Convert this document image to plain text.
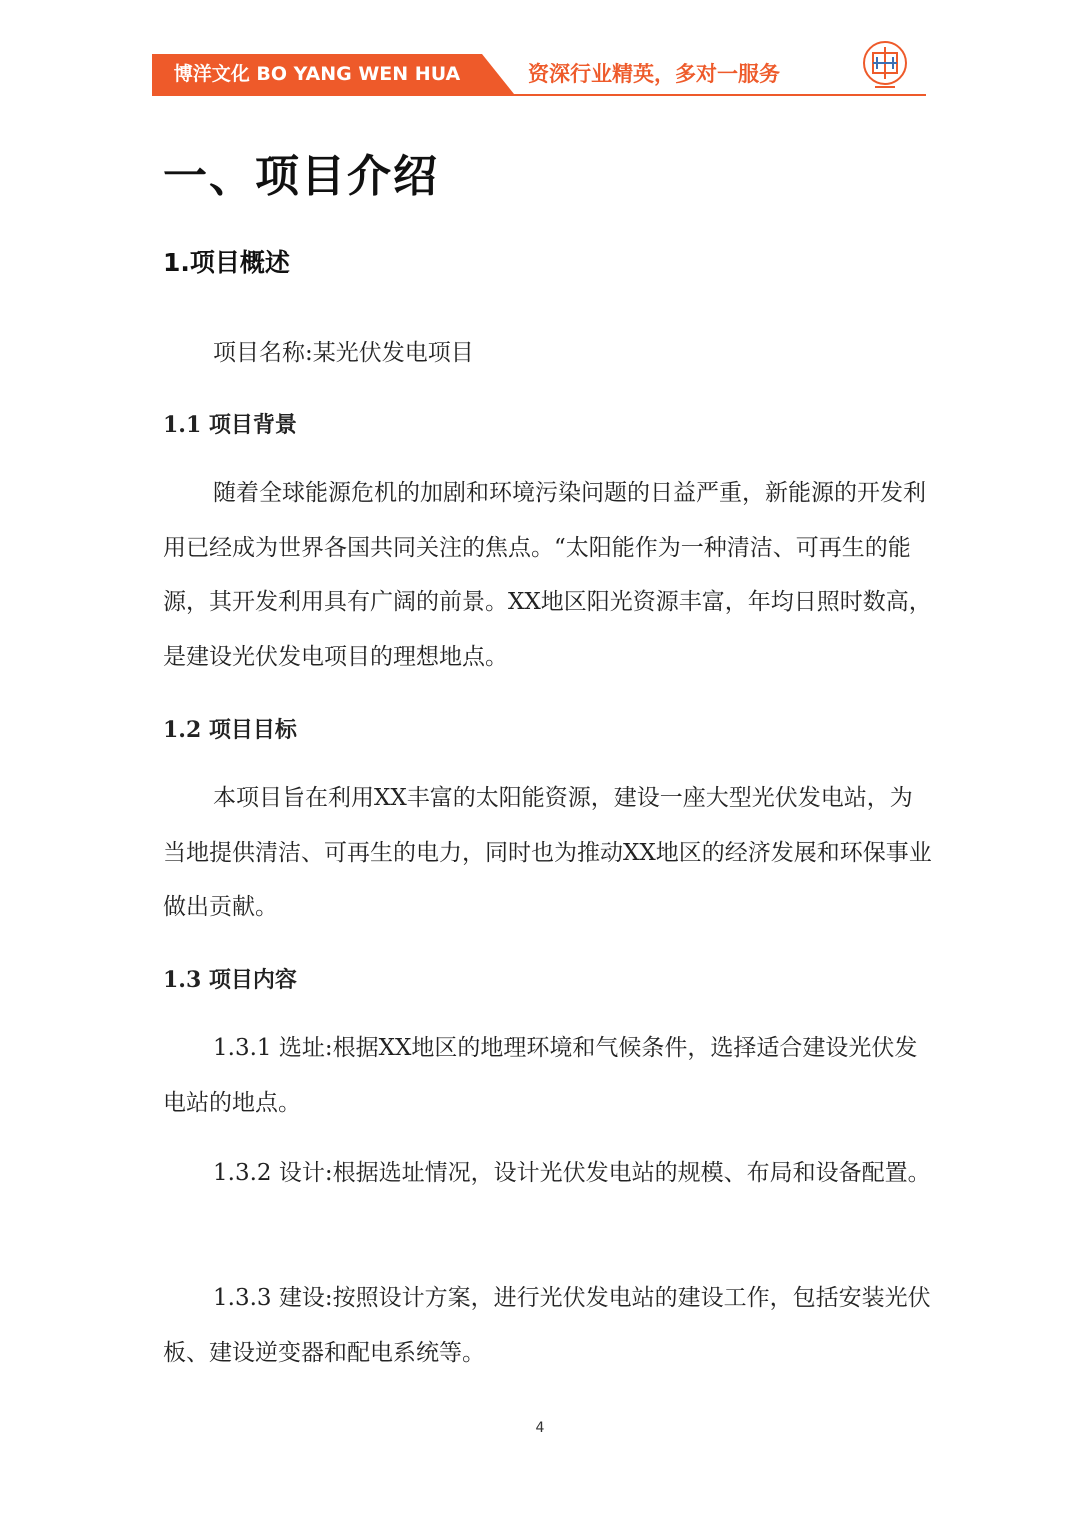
博洋文化 BO YANG WEN HUA	资深行业精英，多对一服务
一、项目介绍
1.项目概述

项目名称:某光伏发电项目

1.1 项目背景

随着全球能源危机的加剧和环境污染问题的日益严重，新能源的开发利用已经成为世界各国共同关注的焦点。“太阳能作为一种清洁、可再生的能源，其开发利用具有广阔的前景。XX地区阳光资源丰富，年均日照时数高，是建设光伏发电项目的理想地点。

1.2 项目目标

本项目旨在利用XX丰富的太阳能资源，建设一座大型光伏发电站，为当地提供清洁、可再生的电力，同时也为推动XX地区的经济发展和环保事业做出贡献。

1.3 项目内容

1.3.1 选址:根据XX地区的地理环境和气候条件，选择适合建设光伏发电站的地点。

1.3.2 设计:根据选址情况，设计光伏发电站的规模、布局和设备配置。

1.3.3 建设:按照设计方案，进行光伏发电站的建设工作，包括安装光伏板、建设逆变器和配电系统等。

4
